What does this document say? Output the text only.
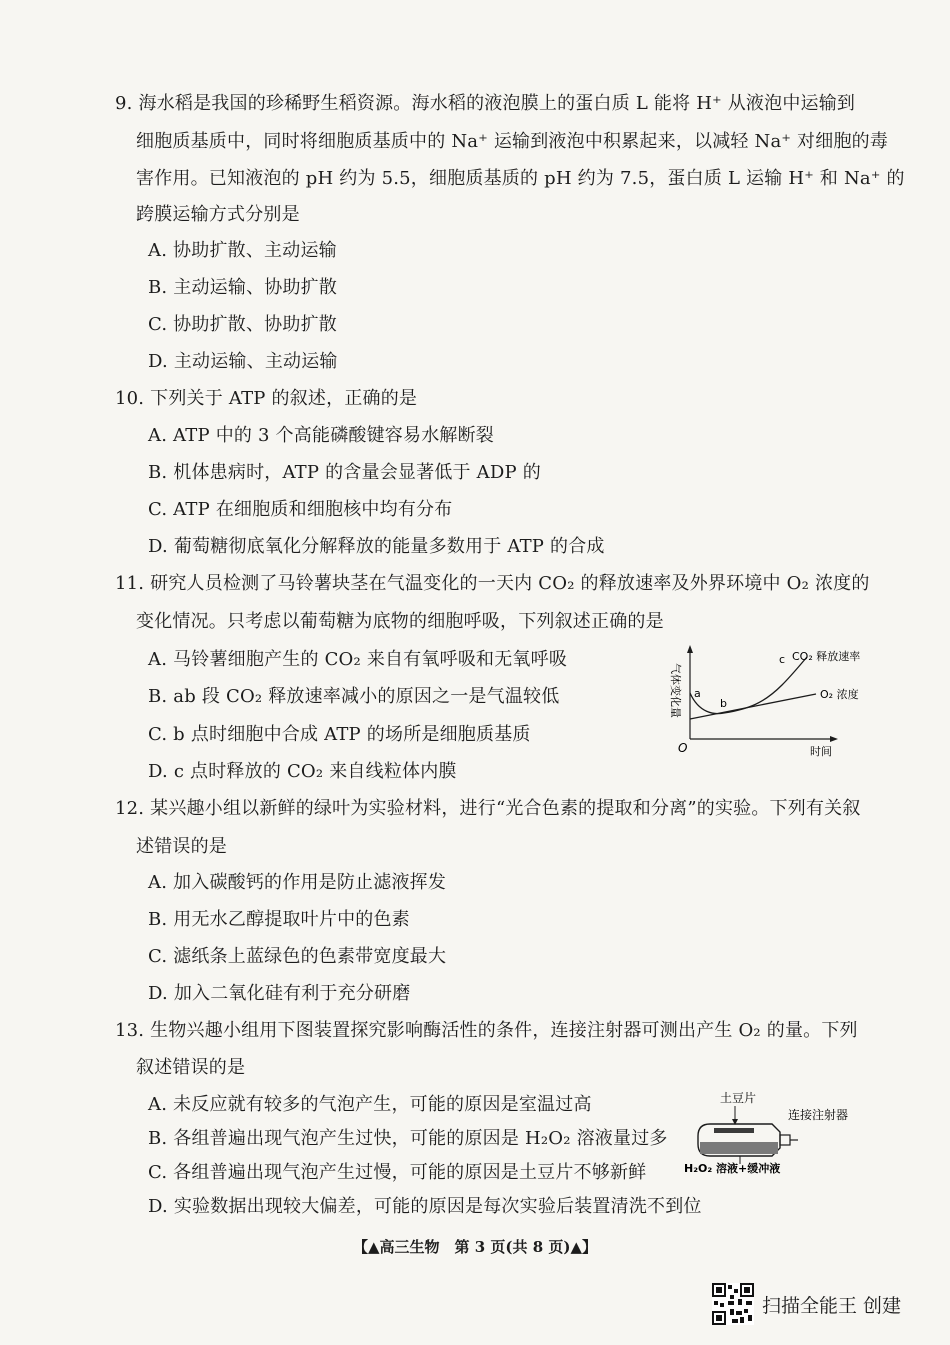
9. 海水稻是我国的珍稀野生稻资源。海水稻的液泡膜上的蛋白质 L 能将 H⁺ 从液泡中运输到
细胞质基质中，同时将细胞质基质中的 Na⁺ 运输到液泡中积累起来，以减轻 Na⁺ 对细胞的毒
害作用。已知液泡的 pH 约为 5.5，细胞质基质的 pH 约为 7.5，蛋白质 L 运输 H⁺ 和 Na⁺ 的
跨膜运输方式分别是
A. 协助扩散、主动运输
B. 主动运输、协助扩散
C. 协助扩散、协助扩散
D. 主动运输、主动运输
10. 下列关于 ATP 的叙述，正确的是
A. ATP 中的 3 个高能磷酸键容易水解断裂
B. 机体患病时，ATP 的含量会显著低于 ADP 的
C. ATP 在细胞质和细胞核中均有分布
D. 葡萄糖彻底氧化分解释放的能量多数用于 ATP 的合成
11. 研究人员检测了马铃薯块茎在气温变化的一天内 CO₂ 的释放速率及外界环境中 O₂ 浓度的
变化情况。只考虑以葡萄糖为底物的细胞呼吸，下列叙述正确的是
A. 马铃薯细胞产生的 CO₂ 来自有氧呼吸和无氧呼吸
B. ab 段 CO₂ 释放速率减小的原因之一是气温较低
C. b 点时细胞中合成 ATP 的场所是细胞质基质
D. c 点时释放的 CO₂ 来自线粒体内膜
气体变化量 a
b
c CO₂ 释放速率
O₂ 浓度
O	时间
12. 某兴趣小组以新鲜的绿叶为实验材料，进行“光合色素的提取和分离”的实验。下列有关叙
述错误的是
A. 加入碳酸钙的作用是防止滤液挥发
B. 用无水乙醇提取叶片中的色素
C. 滤纸条上蓝绿色的色素带宽度最大
D. 加入二氧化硅有利于充分研磨
13. 生物兴趣小组用下图装置探究影响酶活性的条件，连接注射器可测出产生 O₂ 的量。下列
叙述错误的是
A. 未反应就有较多的气泡产生，可能的原因是室温过高
B. 各组普遍出现气泡产生过快，可能的原因是 H₂O₂ 溶液量过多
C. 各组普遍出现气泡产生过慢，可能的原因是土豆片不够新鲜
D. 实验数据出现较大偏差，可能的原因是每次实验后装置清洗不到位
土豆片
连接注射器
H₂O₂ 溶液+缓冲液
【▲高三生物　第 3 页(共 8 页)▲】
扫描全能王 创建
